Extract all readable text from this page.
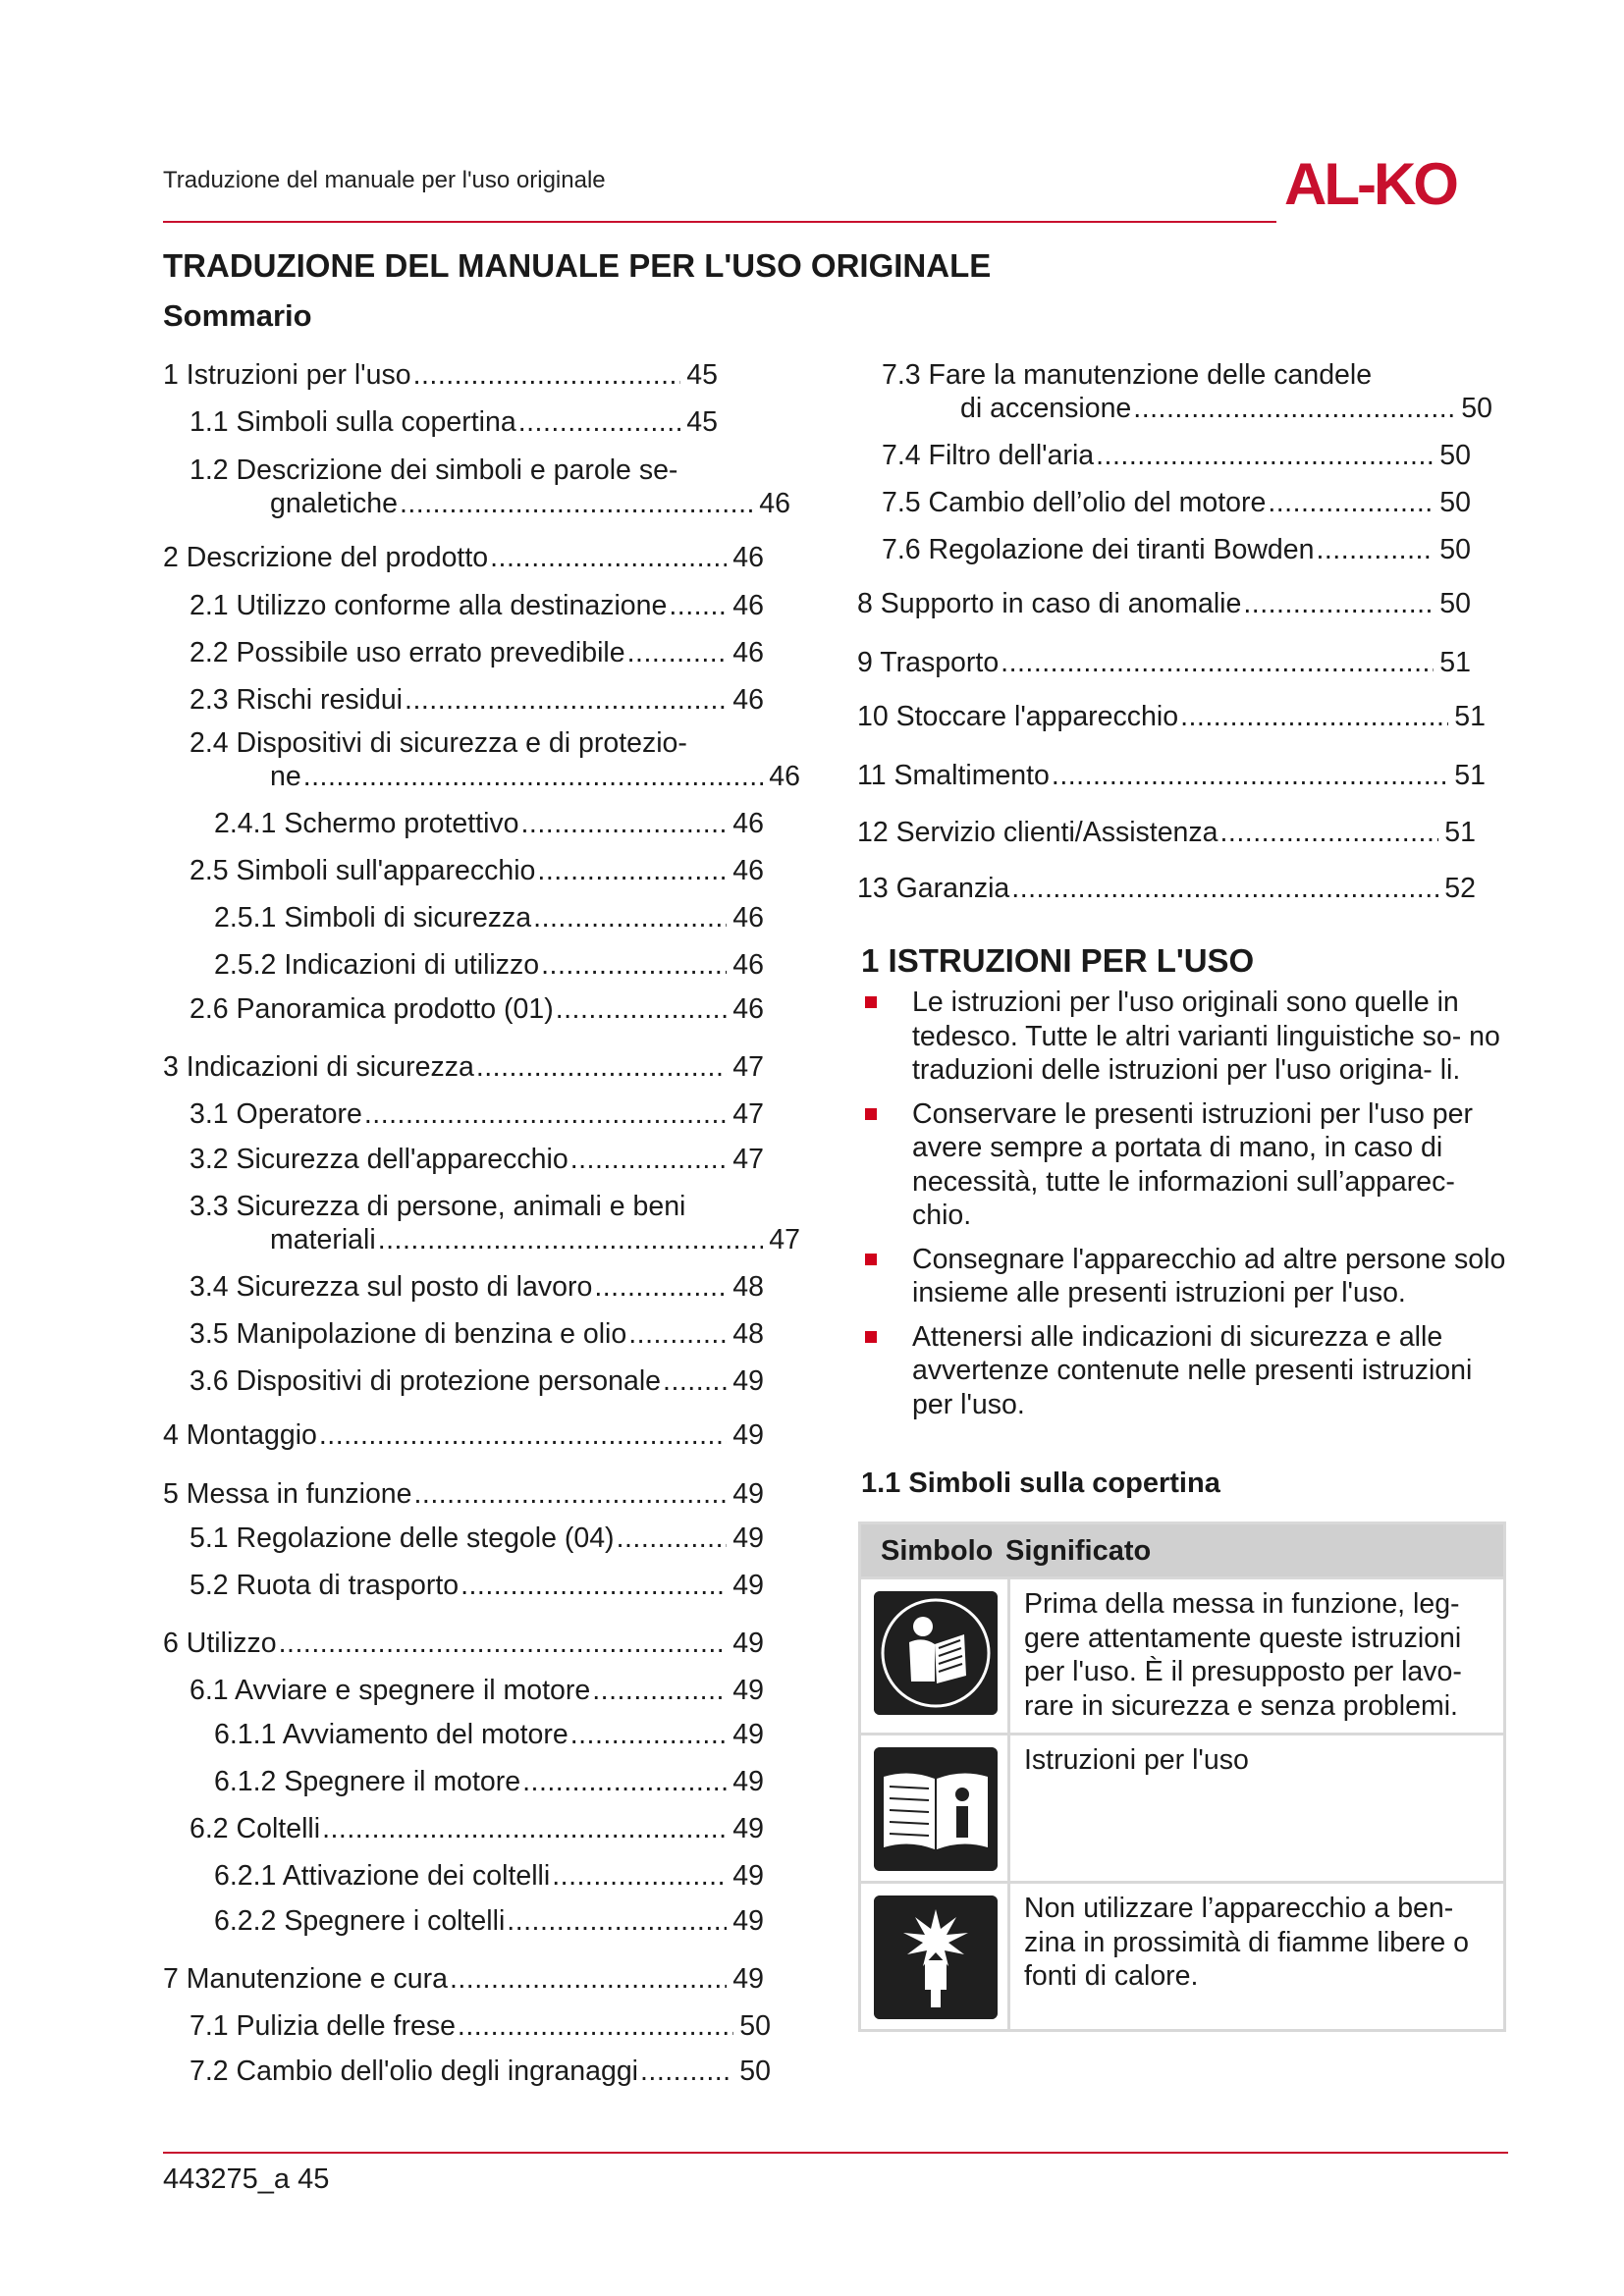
Traduzione del manuale per l'uso originale	AL-KO
TRADUZIONE DEL MANUALE PER L'USO ORIGINALE
Sommario
1 Istruzioni per l'uso .....	45
1.1 Simboli sulla copertina .....	45
1.2 Descrizione dei simboli e parole se-
gnaletiche .....	46
2 Descrizione del prodotto .....	46
2.1 Utilizzo conforme alla destinazione ..... 46
2.2 Possibile uso errato prevedibile .....	46
2.3 Rischi residui .....	46
2.4 Dispositivi di sicurezza e di protezio-
ne .....	46
2.4.1 Schermo protettivo .....	46
2.5 Simboli sull'apparecchio .....	46
2.5.1 Simboli di sicurezza .....	46
2.5.2 Indicazioni di utilizzo .....	46
2.6 Panoramica prodotto (01) .....	46
3 Indicazioni di sicurezza .....	47
3.1 Operatore .....	47
3.2 Sicurezza dell'apparecchio .....	47
3.3 Sicurezza di persone, animali e beni
materiali .....	47
3.4 Sicurezza sul posto di lavoro .....	48
3.5 Manipolazione di benzina e olio .....	48
3.6 Dispositivi di protezione personale .....	49
4 Montaggio .....	49
5 Messa in funzione .....	49
5.1 Regolazione delle stegole (04) .....	49
5.2 Ruota di trasporto .....	49
6 Utilizzo .....	49
6.1 Avviare e spegnere il motore .....	49
6.1.1 Avviamento del motore .....	49
6.1.2 Spegnere il motore .....	49
6.2 Coltelli .....	49
6.2.1 Attivazione dei coltelli .....	49
6.2.2 Spegnere i coltelli .....	49
7 Manutenzione e cura .....	49
7.1 Pulizia delle frese .....	50
7.2 Cambio dell'olio degli ingranaggi .....	50
7.3 Fare la manutenzione delle candele
di accensione .....	50
7.4 Filtro dell'aria .....	50
7.5 Cambio dell’olio del motore .....	50
7.6 Regolazione dei tiranti Bowden .....	50
8 Supporto in caso di anomalie .....	50
9 Trasporto .....	51
10 Stoccare l'apparecchio .....	51
11 Smaltimento .....	51
12 Servizio clienti/Assistenza .....	51
13 Garanzia .....	52
1 ISTRUZIONI PER L'USO
Le istruzioni per l'uso originali sono quelle in tedesco. Tutte le altri varianti linguistiche so- no traduzioni delle istruzioni per l'uso origina- li.
Conservare le presenti istruzioni per l'uso per avere sempre a portata di mano, in caso di necessità, tutte le informazioni sull’apparec- chio.
Consegnare l'apparecchio ad altre persone solo insieme alle presenti istruzioni per l'uso.
Attenersi alle indicazioni di sicurezza e alle avvertenze contenute nelle presenti istruzioni per l'uso.
1.1 Simboli sulla copertina
Simbolo Significato
Prima della messa in funzione, leg- gere attentamente queste istruzioni per l'uso. È il presupposto per lavo- rare in sicurezza e senza problemi.
Istruzioni per l'uso
Non utilizzare l’apparecchio a ben- zina in prossimità di fiamme libere o fonti di calore.
443275_a 45
